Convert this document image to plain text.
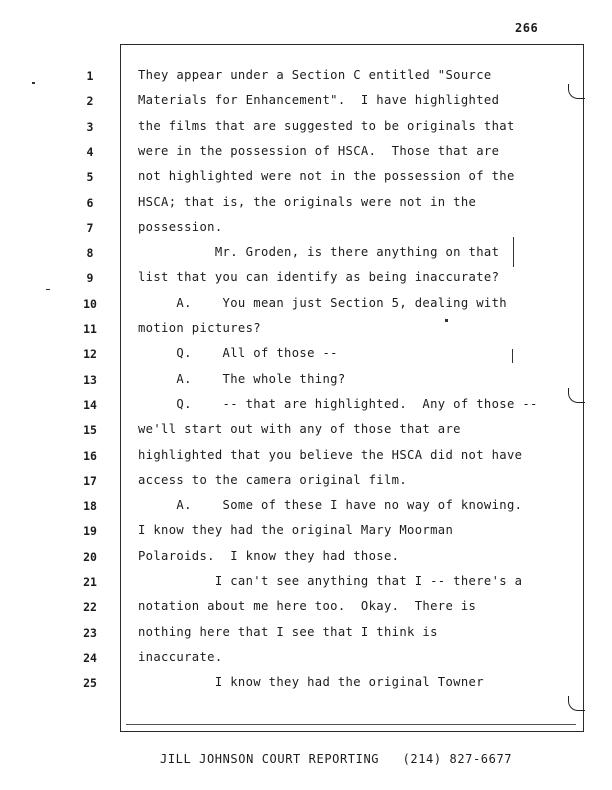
266
1	They appear under a Section C entitled "Source
2	Materials for Enhancement".  I have highlighted
3	the films that are suggested to be originals that
4	were in the possession of HSCA.  Those that are
5	not highlighted were not in the possession of the
6	HSCA; that is, the originals were not in the
7	possession.
8	Mr. Groden, is there anything on that
9	list that you can identify as being inaccurate?
10	A.    You mean just Section 5, dealing with
11	motion pictures?
12	Q.    All of those --
13	A.    The whole thing?
14	Q.    -- that are highlighted.  Any of those --
15	we'll start out with any of those that are
16	highlighted that you believe the HSCA did not have
17	access to the camera original film.
18	A.    Some of these I have no way of knowing.
19	I know they had the original Mary Moorman
20	Polaroids.  I know they had those.
21	I can't see anything that I -- there's a
22	notation about me here too.  Okay.  There is
23	nothing here that I see that I think is
24	inaccurate.
25	I know they had the original Towner
JILL JOHNSON COURT REPORTING   (214) 827-6677
